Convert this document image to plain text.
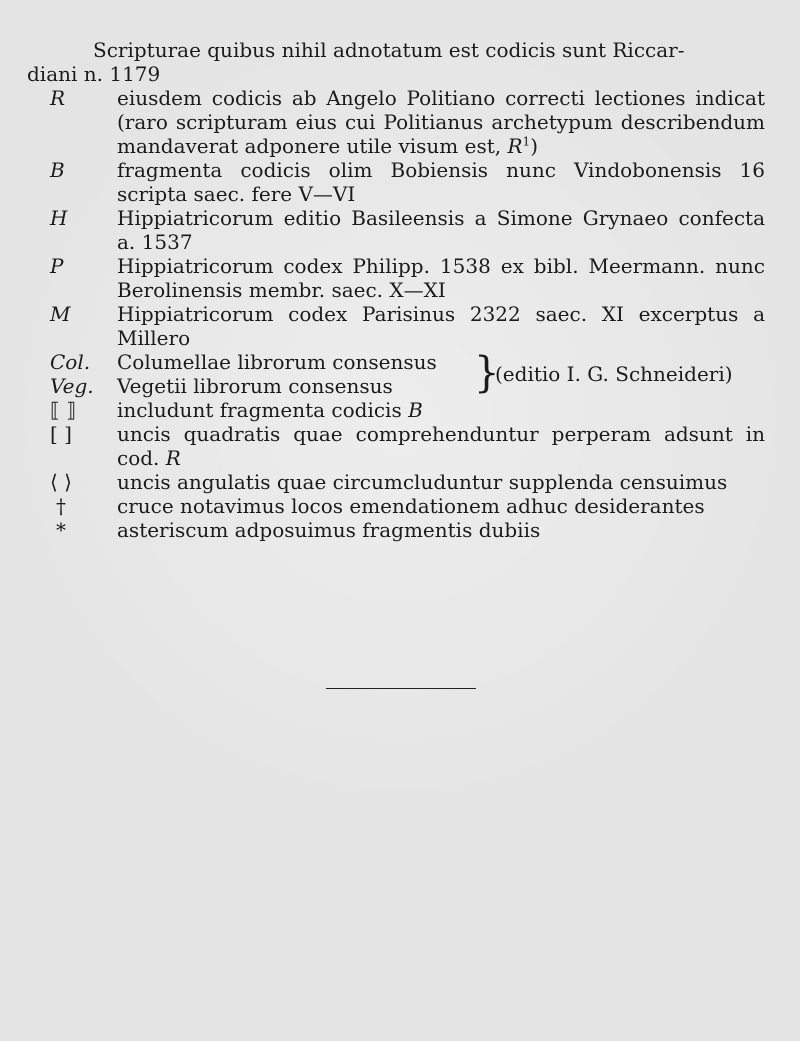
Scripturae quibus nihil adnotatum est codicis sunt Riccar-
diani n. 1179
R	eiusdem codicis ab Angelo Politiano correcti lectiones indicat (raro scripturam eius cui Politianus archetypum describendum mandaverat adponere utile visum est, $R^1$)
B	fragmenta codicis olim Bobiensis nunc Vindobonensis 16 scripta saec. fere V—VI
H	Hippiatricorum editio Basileensis a Simone Grynaeo confecta a. 1537
P	Hippiatricorum codex Philipp. 1538 ex bibl. Meermann. nunc Berolinensis membr. saec. X—XI
M	Hippiatricorum codex Parisinus 2322 saec. XI excerptus a Millero
Col.	Columellae librorum consensus
Veg.	Vegetii librorum consensus }
(editio I. G. Schneideri)
⟦ ⟧	includunt fragmenta codicis B
[ ]	uncis quadratis quae comprehenduntur perperam adsunt in cod. R
⟨ ⟩	uncis angulatis quae circumcluduntur supplenda censuimus
†	cruce notavimus locos emendationem adhuc desiderantes
*	asteriscum adposuimus fragmentis dubiis
